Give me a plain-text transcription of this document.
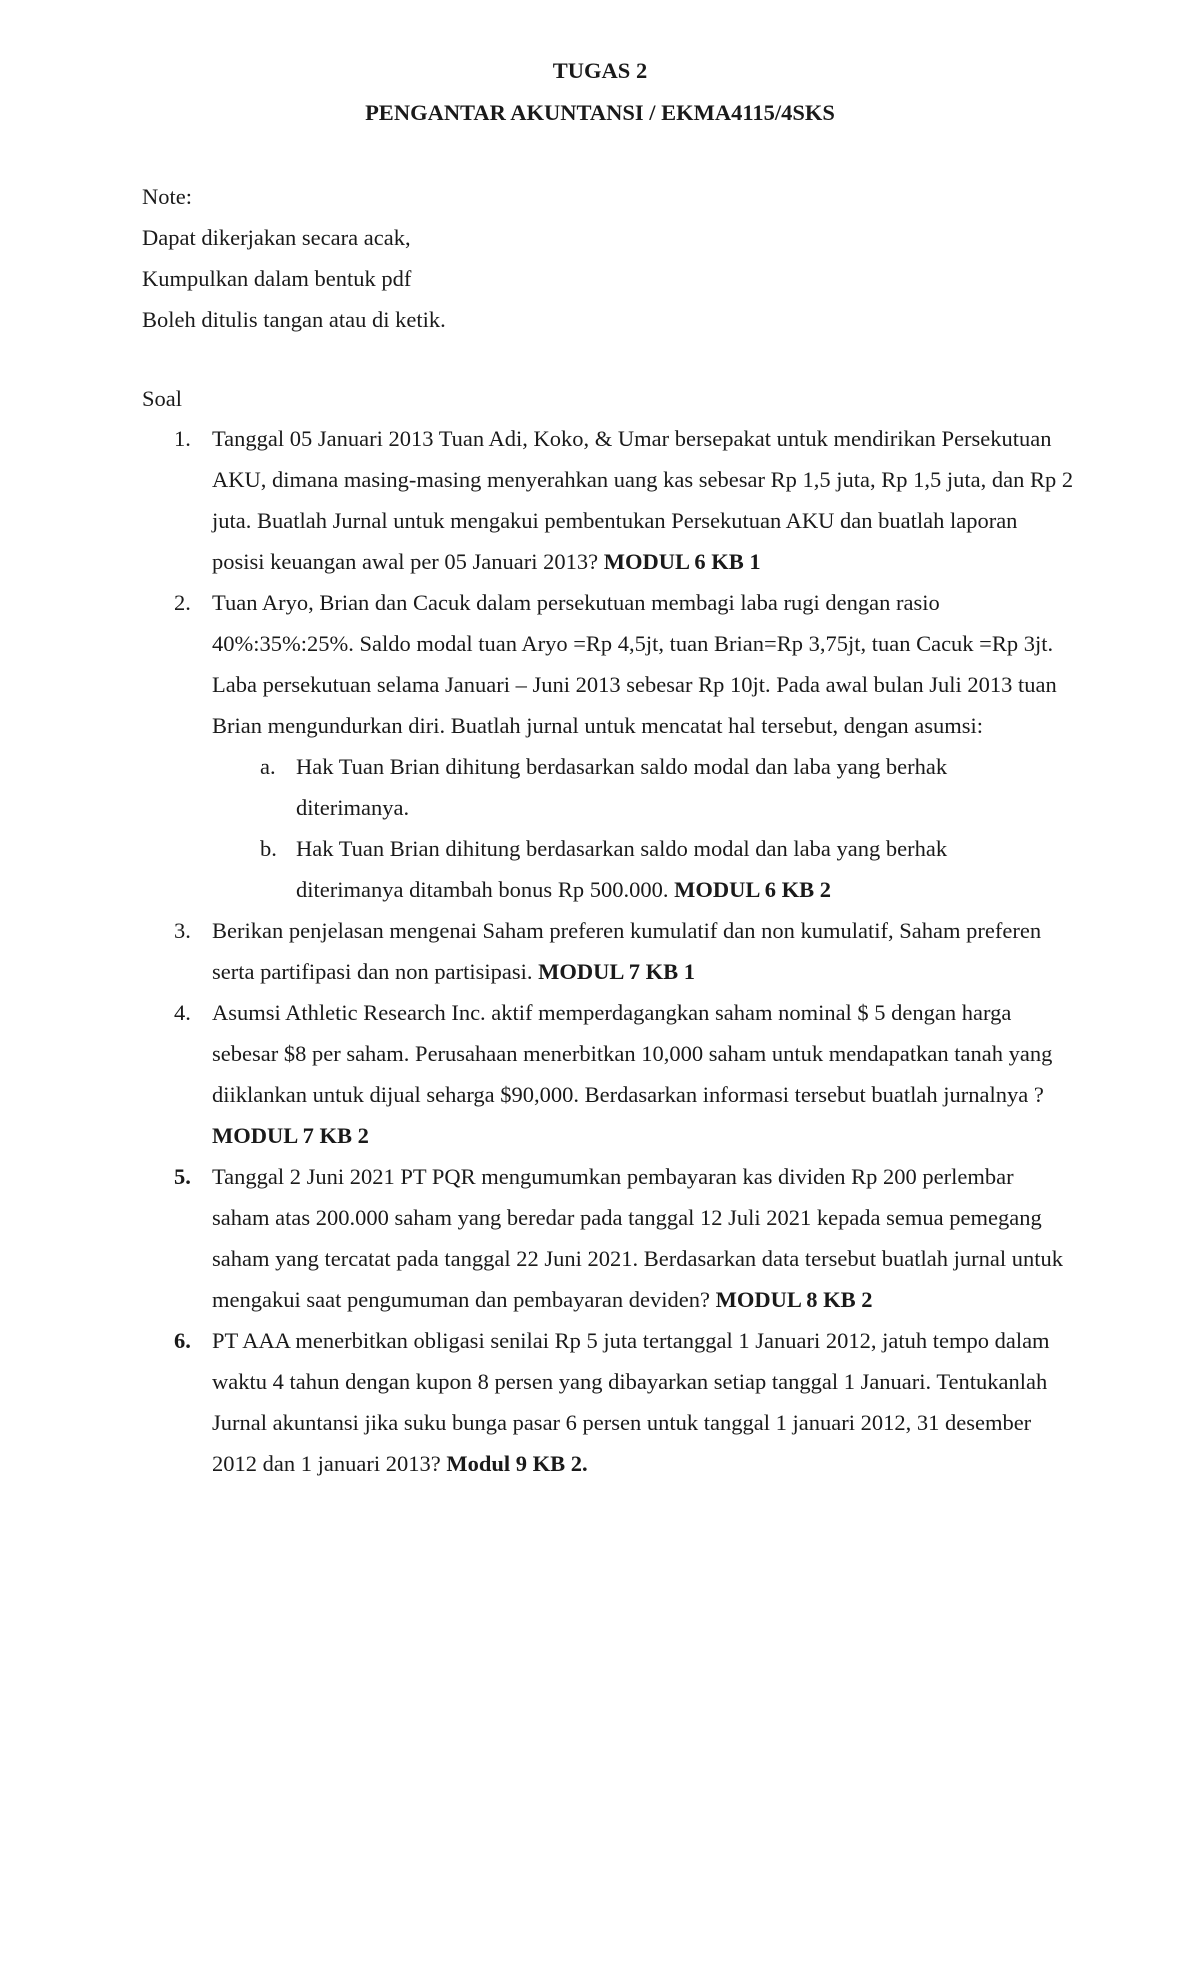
TUGAS 2
PENGANTAR AKUNTANSI / EKMA4115/4SKS

Note:

Dapat dikerjakan secara acak,

Kumpulkan dalam bentuk pdf

Boleh ditulis tangan atau di ketik.

Soal

1. Tanggal 05 Januari 2013 Tuan Adi, Koko, & Umar bersepakat untuk mendirikan Persekutuan AKU, dimana masing-masing menyerahkan uang kas sebesar Rp 1,5 juta, Rp 1,5 juta, dan Rp 2 juta. Buatlah Jurnal untuk mengakui pembentukan Persekutuan AKU dan buatlah laporan posisi keuangan awal per 05 Januari 2013? MODUL 6 KB 1
2. Tuan Aryo, Brian dan Cacuk dalam persekutuan membagi laba rugi dengan rasio 40%:35%:25%. Saldo modal tuan Aryo =Rp 4,5jt, tuan Brian=Rp 3,75jt, tuan Cacuk =Rp 3jt. Laba persekutuan selama Januari – Juni 2013 sebesar Rp 10jt. Pada awal bulan Juli 2013 tuan Brian mengundurkan diri. Buatlah jurnal untuk mencatat hal tersebut, dengan asumsi:
a. Hak Tuan Brian dihitung berdasarkan saldo modal dan laba yang berhak diterimanya.
b. Hak Tuan Brian dihitung berdasarkan saldo modal dan laba yang berhak diterimanya ditambah bonus Rp 500.000. MODUL 6 KB 2
3. Berikan penjelasan mengenai Saham preferen kumulatif dan non kumulatif, Saham preferen serta partifipasi dan non partisipasi. MODUL 7 KB 1
4. Asumsi Athletic Research Inc. aktif memperdagangkan saham nominal $ 5 dengan harga sebesar $8 per saham. Perusahaan menerbitkan 10,000 saham untuk mendapatkan tanah yang diiklankan untuk dijual seharga $90,000. Berdasarkan informasi tersebut buatlah jurnalnya ? MODUL 7 KB 2
5. Tanggal 2 Juni 2021 PT PQR mengumumkan pembayaran kas dividen Rp 200 perlembar saham atas 200.000 saham yang beredar pada tanggal 12 Juli 2021 kepada semua pemegang saham yang tercatat pada tanggal 22 Juni 2021. Berdasarkan data tersebut buatlah jurnal untuk mengakui saat pengumuman dan pembayaran deviden? MODUL 8 KB 2
6. PT AAA menerbitkan obligasi senilai Rp 5 juta tertanggal 1 Januari 2012, jatuh tempo dalam waktu 4 tahun dengan kupon 8 persen yang dibayarkan setiap tanggal 1 Januari. Tentukanlah Jurnal akuntansi jika suku bunga pasar 6 persen untuk tanggal 1 januari 2012, 31 desember 2012 dan 1 januari 2013? Modul 9 KB 2.
